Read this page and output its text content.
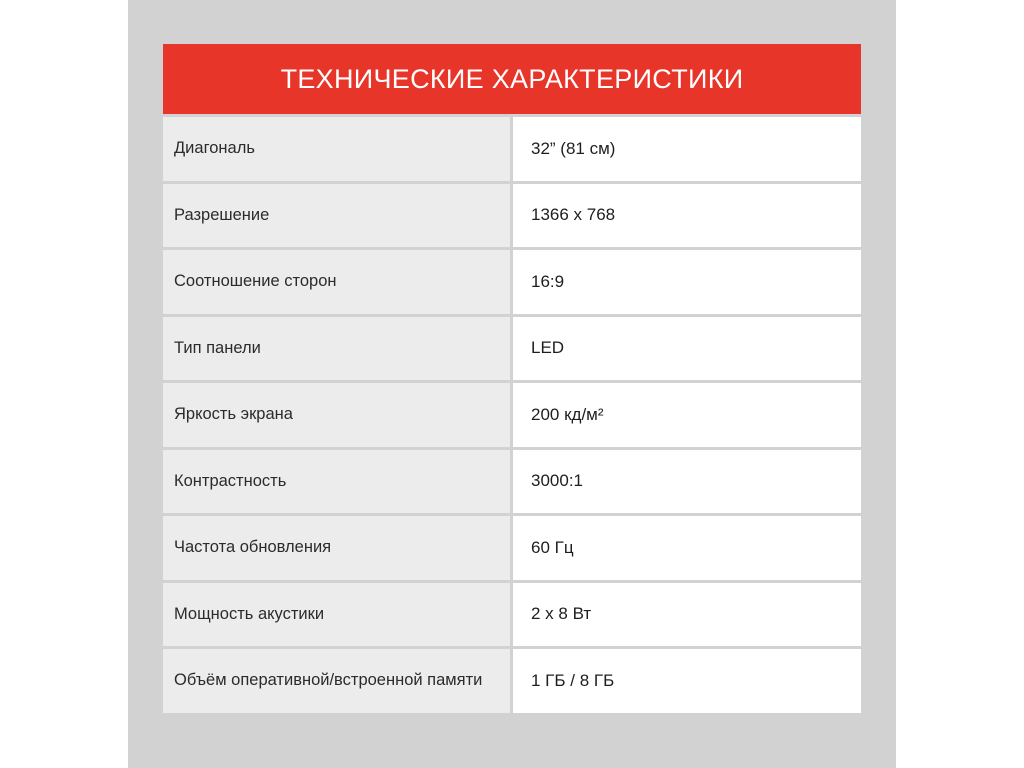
ТЕХНИЧЕСКИЕ ХАРАКТЕРИСТИКИ
Диагональ	32” (81 см)
Разрешение	1366 x 768
Соотношение сторон	16:9
Тип панели	LED
Яркость экрана	200 кд/м²
Контрастность	3000:1
Частота обновления	60 Гц
Мощность акустики	2 x 8 Вт
Объём оперативной/встроенной памяти	1 ГБ / 8 ГБ
